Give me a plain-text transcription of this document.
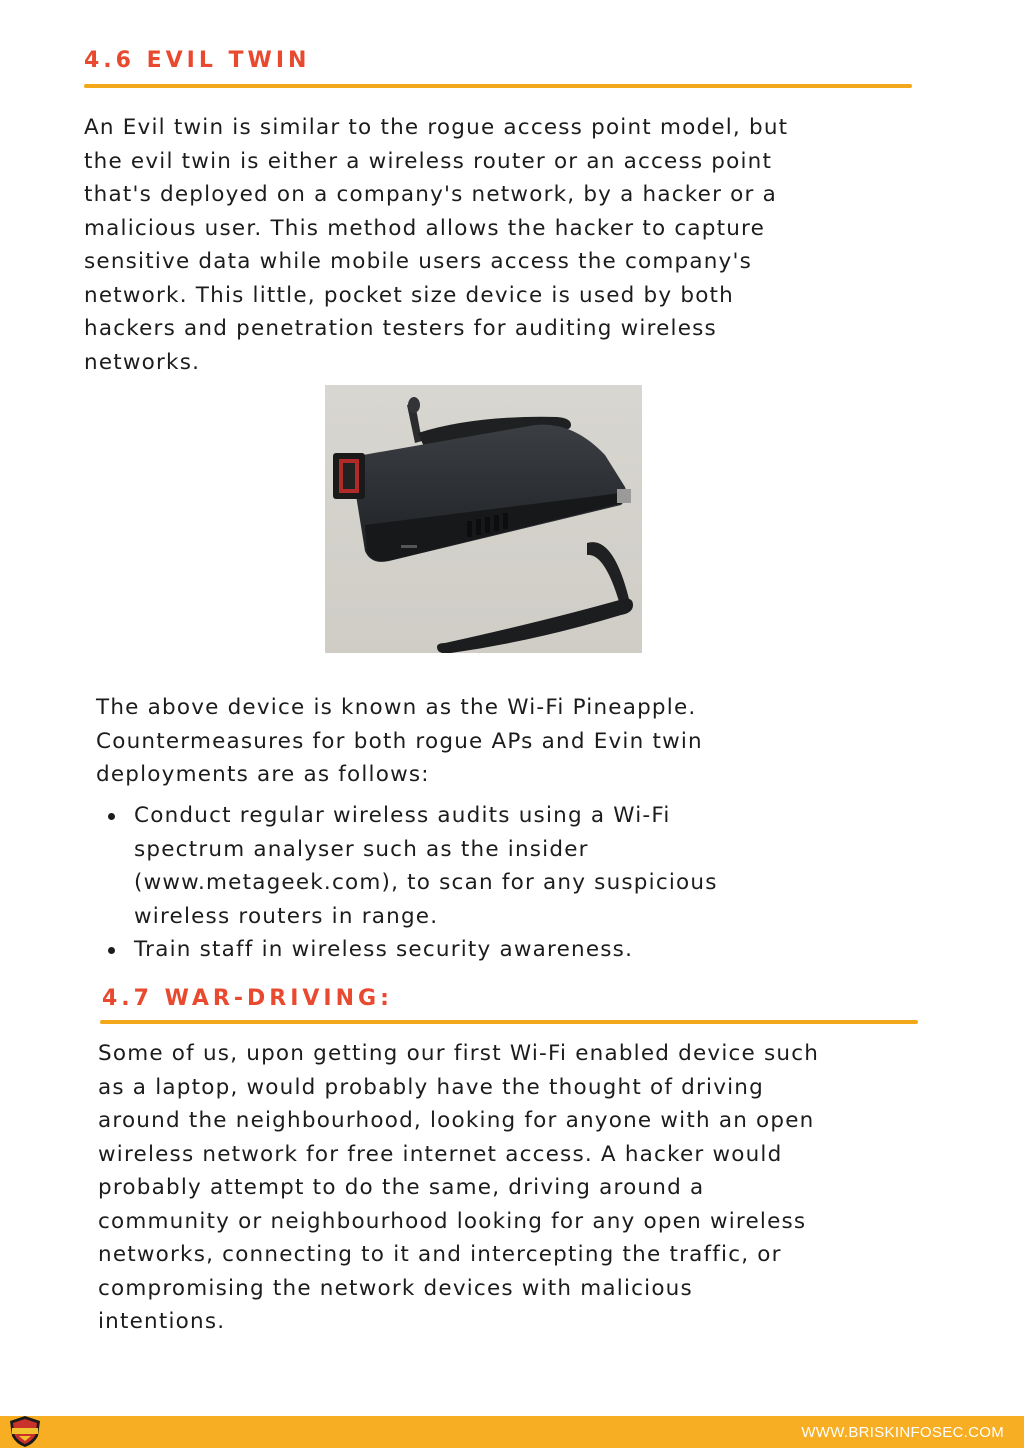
4.6 EVIL TWIN

An Evil twin is similar to the rogue access point model, but
the evil twin is either a wireless router or an access point
that's deployed on a company's network, by a hacker or a
malicious user. This method allows the hacker to capture
sensitive data while mobile users access the company's
network. This little, pocket size device is used by both
hackers and penetration testers for auditing wireless
networks.

The above device is known as the Wi-Fi Pineapple.
Countermeasures for both rogue APs and Evin twin
deployments are as follows:

Conduct regular wireless audits using a Wi-Fi
spectrum analyser such as the insider
(www.metageek.com), to scan for any suspicious
wireless routers in range.
Train staff in wireless security awareness.
4.7 WAR-DRIVING:

Some of us, upon getting our first Wi-Fi enabled device such
as a laptop, would probably have the thought of driving
around the neighbourhood, looking for anyone with an open
wireless network for free internet access. A hacker would
probably attempt to do the same, driving around a
community or neighbourhood looking for any open wireless
networks, connecting to it and intercepting the traffic, or
compromising the network devices with malicious
intentions.

WWW.BRISKINFOSEC.COM
